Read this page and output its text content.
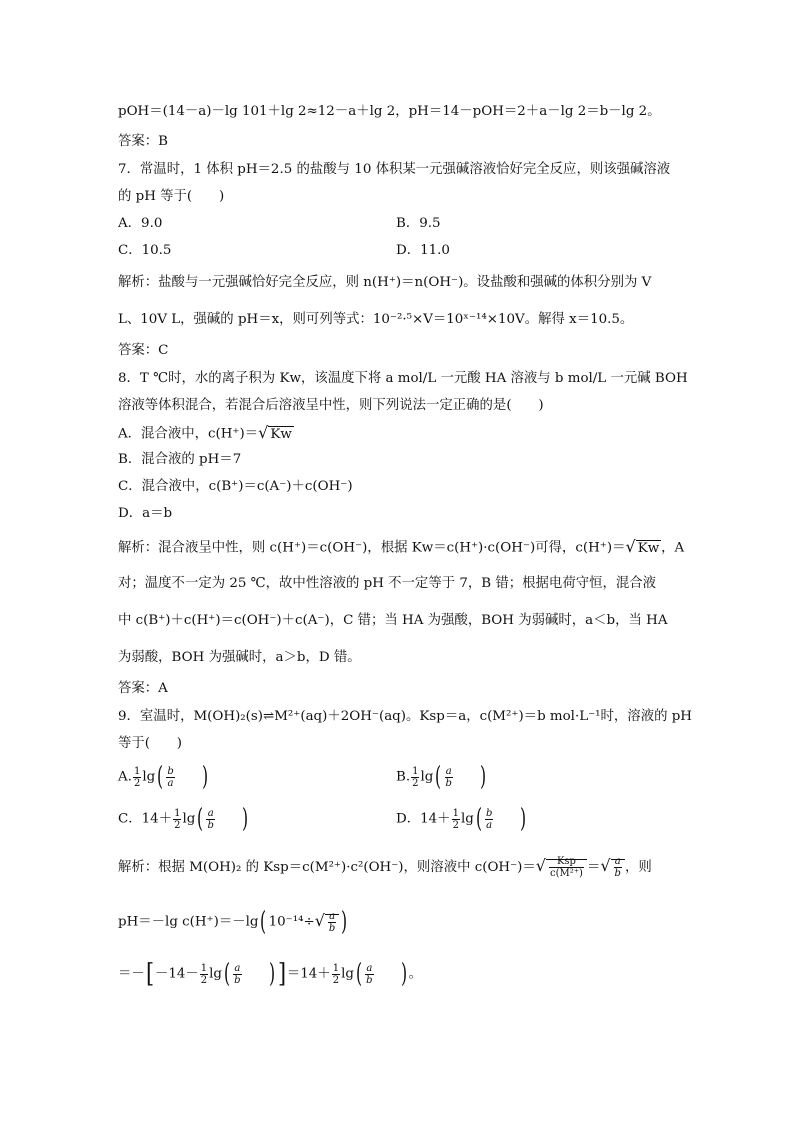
pOH＝(14－a)－lg 101＋lg 2≈12－a＋lg 2，pH＝14－pOH＝2＋a－lg 2＝b－lg 2。
答案：B
7．常温时，1 体积 pH＝2.5 的盐酸与 10 体积某一元强碱溶液恰好完全反应，则该强碱溶液
的 pH 等于(　　)
A．9.0	B．9.5
C．10.5	D．11.0
解析：盐酸与一元强碱恰好完全反应，则 n(H⁺)＝n(OH⁻)。设盐酸和强碱的体积分别为 V
L、10V L，强碱的 pH＝x，则可列等式：10⁻²·⁵×V＝10ˣ⁻¹⁴×10V。解得 x＝10.5。
答案：C
8．T ℃时，水的离子积为 Kw，该温度下将 a mol/L 一元酸 HA 溶液与 b mol/L 一元碱 BOH
溶液等体积混合，若混合后溶液呈中性，则下列说法一定正确的是(　　)
A．混合液中，c(H⁺)＝√ Kw
B．混合液的 pH＝7
C．混合液中，c(B⁺)＝c(A⁻)＋c(OH⁻)
D．a＝b
解析：混合液呈中性，则 c(H⁺)＝c(OH⁻)，根据 Kw＝c(H⁺)·c(OH⁻)可得，c(H⁺)＝√ Kw ，A
对；温度不一定为 25 ℃，故中性溶液的 pH 不一定等于 7，B 错；根据电荷守恒，混合液
中 c(B⁺)＋c(H⁺)＝c(OH⁻)＋c(A⁻)，C 错；当 HA 为强酸，BOH 为弱碱时，a＜b，当 HA
为弱酸，BOH 为强碱时，a＞b，D 错。
答案：A
9．室温时，M(OH)₂(s)⇌M²⁺(aq)＋2OH⁻(aq)。Ksp＝a，c(M²⁺)＝b mol·L⁻¹时，溶液的 pH
等于(　　)
A. $\frac{1}{2} \lg( \frac{b}{a}$ )	B. $\frac{1}{2} \lg( \frac{a}{b}$ )
C．$14+ \frac{1}{2} \lg( \frac{a}{b}$ )	D．$14+ \frac{1}{2} \lg( \frac{b}{a}$ )
解析：根据 M(OH)₂ 的 Ksp＝c(M²⁺)·c²(OH⁻)，则溶液中 $c(OH^-)=√ \frac{\text{Ksp}}{\text{c(M²⁺)}}$ ＝√ $\frac{a}{b}$ ，则
pH＝－lg c(H⁺)＝－lg( $10^{-14}\div√ \frac{a}{b}$ )
$=-[-14- \frac{1}{2} \lg( \frac{a}{b}$ ) ]$=14+ \frac{1}{2} \lg( \frac{a}{b}$ ) 。
